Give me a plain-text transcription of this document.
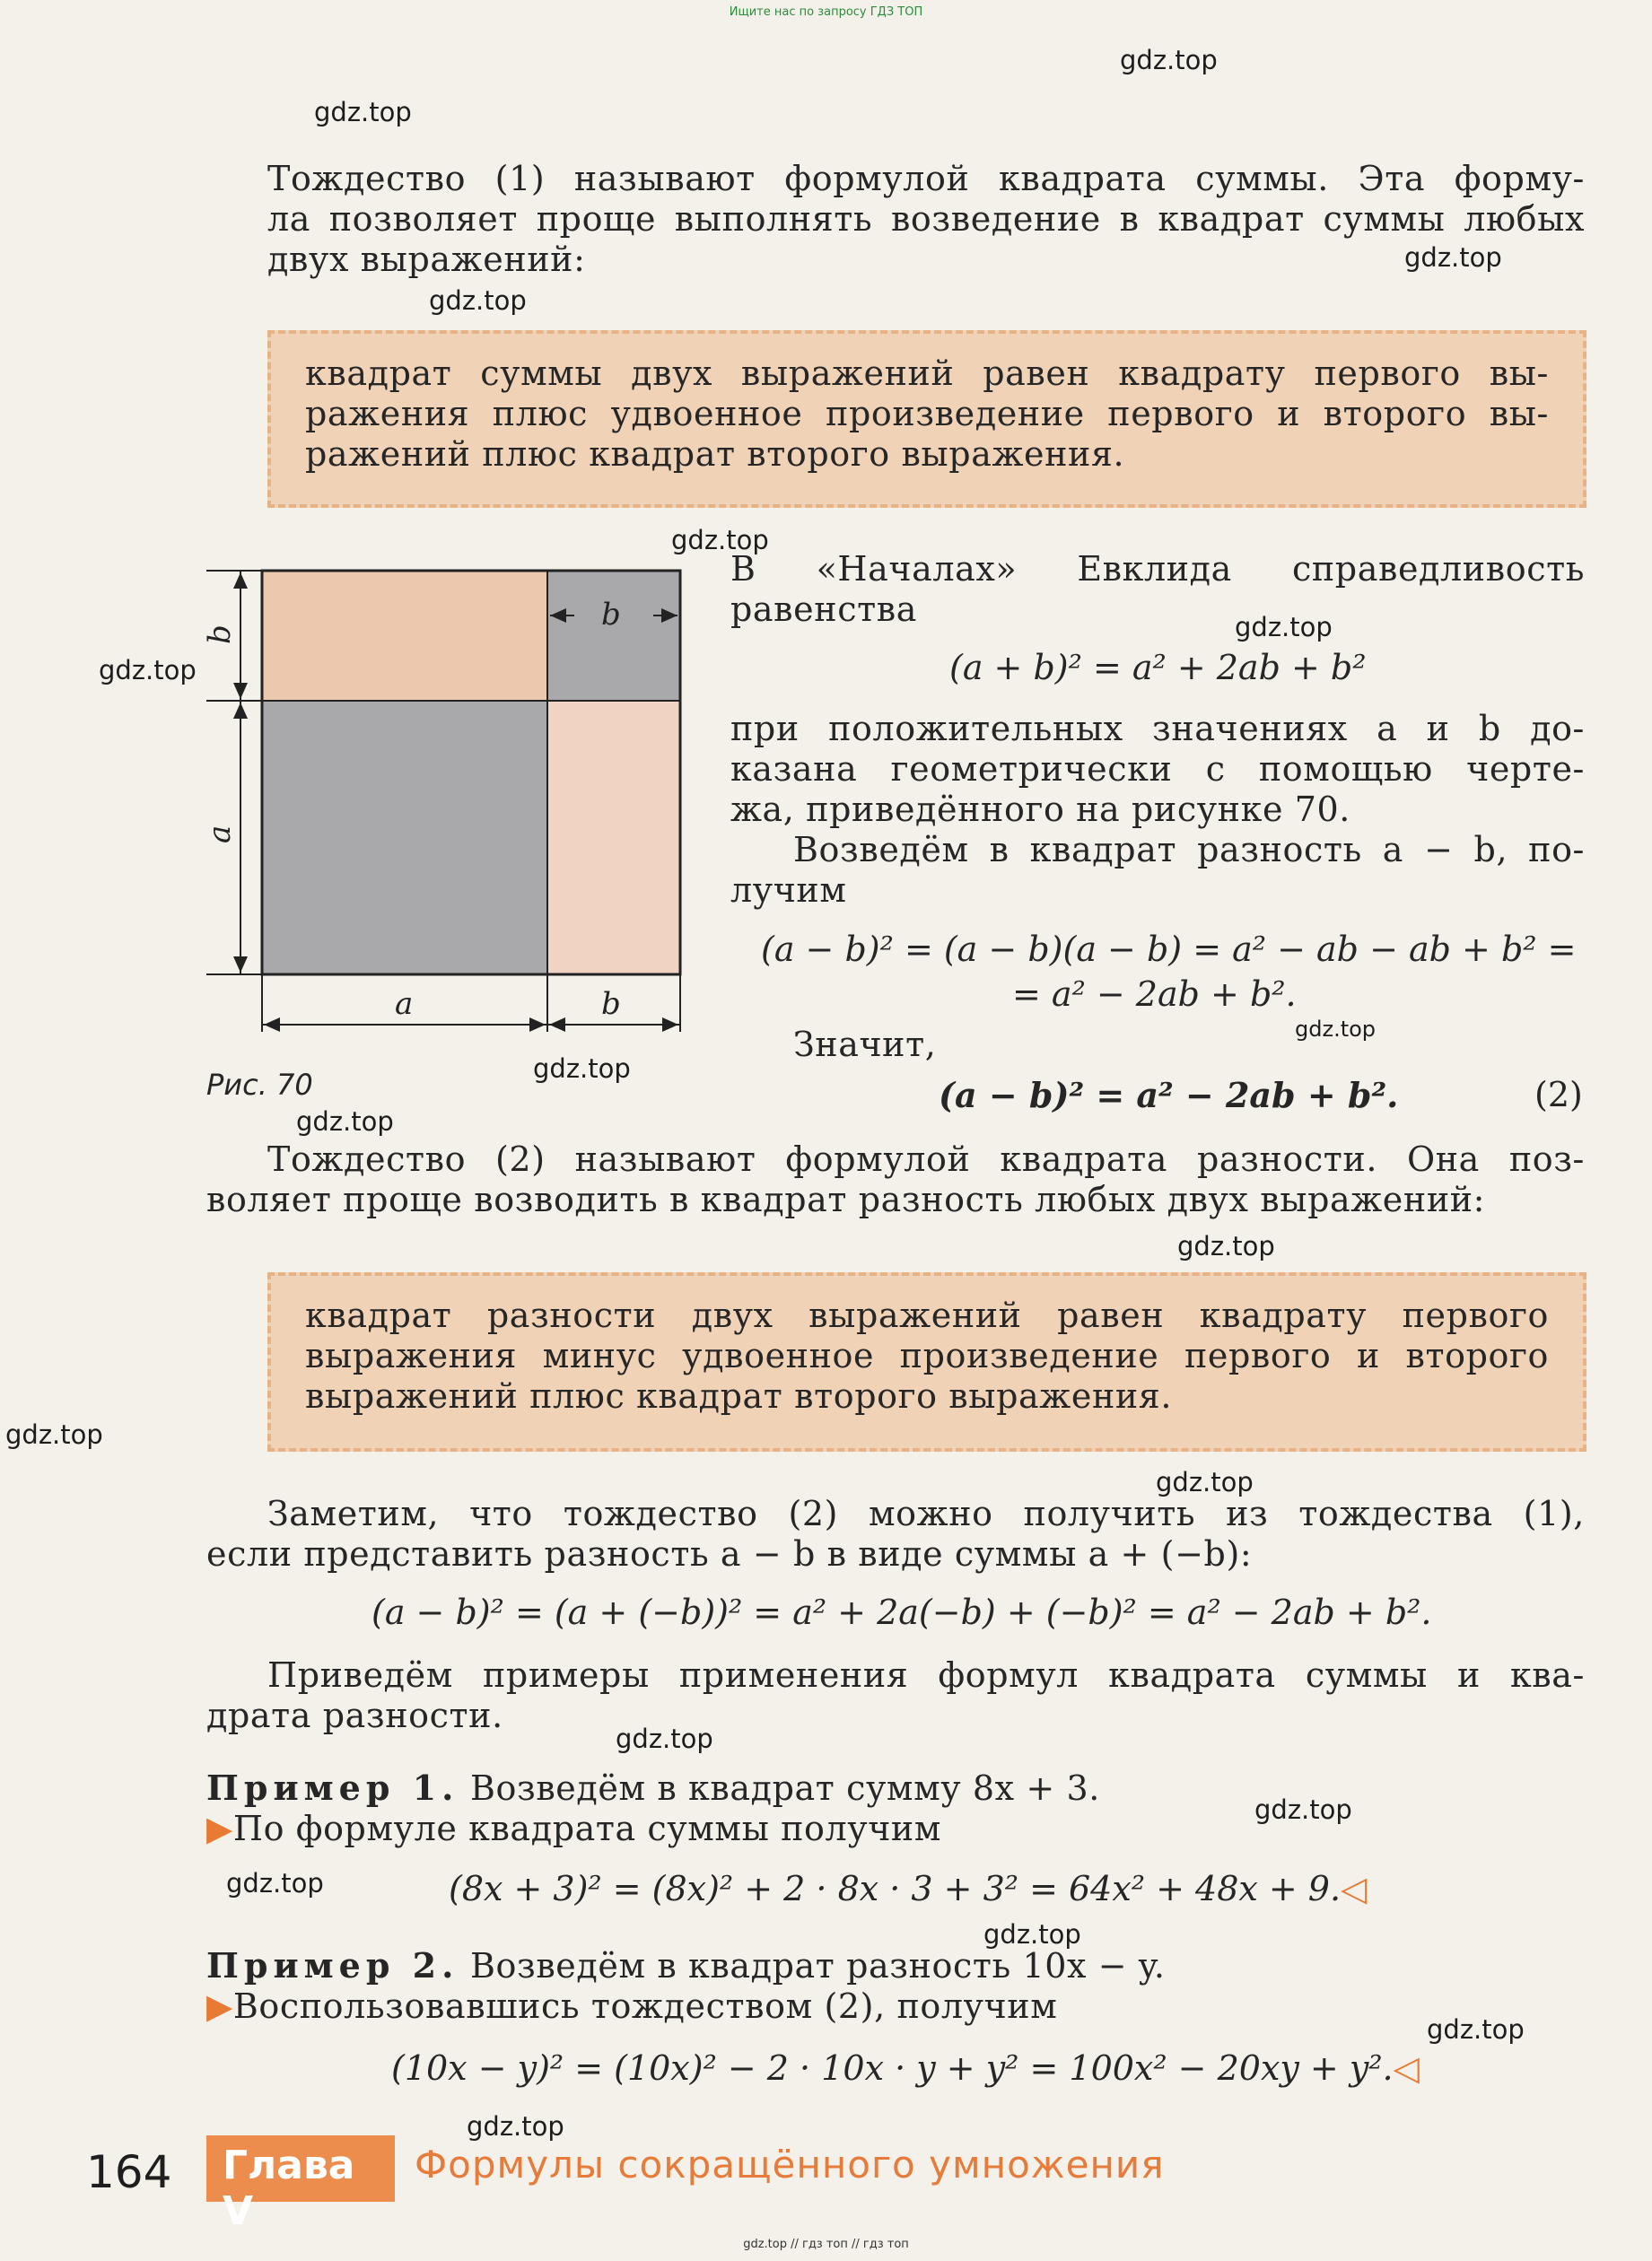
Ищите нас по запросу ГДЗ ТОП
gdz.top
gdz.top
gdz.top
gdz.top
gdz.top
gdz.top
gdz.top
gdz.top
gdz.top
gdz.top
gdz.top
gdz.top
gdz.top
gdz.top
gdz.top
gdz.top
gdz.top
gdz.top
gdz.top

Тождество (1) называют формулой квадрата суммы. Эта форму-

ла позволяет проще выполнять возведение в квадрат суммы любых

двух выражений:

квадрат суммы двух выражений равен квадрату первого вы-
ражения плюс удвоенное произведение первого и второго вы-
ражений плюс квадрат второго выражения.
a	b
b
a
b
Рис. 70

В «Началах» Евклида справедливость

равенства

(a + b)² = a² + 2ab + b²

при положительных значениях a и b до-

казана геометрически с помощью черте-

жа, приведённого на рисунке 70.

Возведём в квадрат разность a − b, по-

лучим

(a − b)² = (a − b)(a − b) = a² − ab − ab + b² =
= a² − 2ab + b².

Значит,

(a − b)² = a² − 2ab + b².	(2)

Тождество (2) называют формулой квадрата разности. Она поз-

воляет проще возводить в квадрат разность любых двух выражений:

квадрат разности двух выражений равен квадрату первого
выражения минус удвоенное произведение первого и второго
выражений плюс квадрат второго выражения.

Заметим, что тождество (2) можно получить из тождества (1),

если представить разность a − b в виде суммы a + (−b):

(a − b)² = (a + (−b))² = a² + 2a(−b) + (−b)² = a² − 2ab + b².

Приведём примеры применения формул квадрата суммы и ква-

драта разности.

Пример 1. Возведём в квадрат сумму 8x + 3.

▶По формуле квадрата суммы получим

(8x + 3)² = (8x)² + 2 · 8x · 3 + 3² = 64x² + 48x + 9.◁

Пример 2. Возведём в квадрат разность 10x − y.

▶Воспользовавшись тождеством (2), получим

(10x − y)² = (10x)² − 2 · 10x · y + y² = 100x² − 20xy + y².◁
164 Глава V
Формулы сокращённого умножения
gdz.top // гдз топ // гдз топ
